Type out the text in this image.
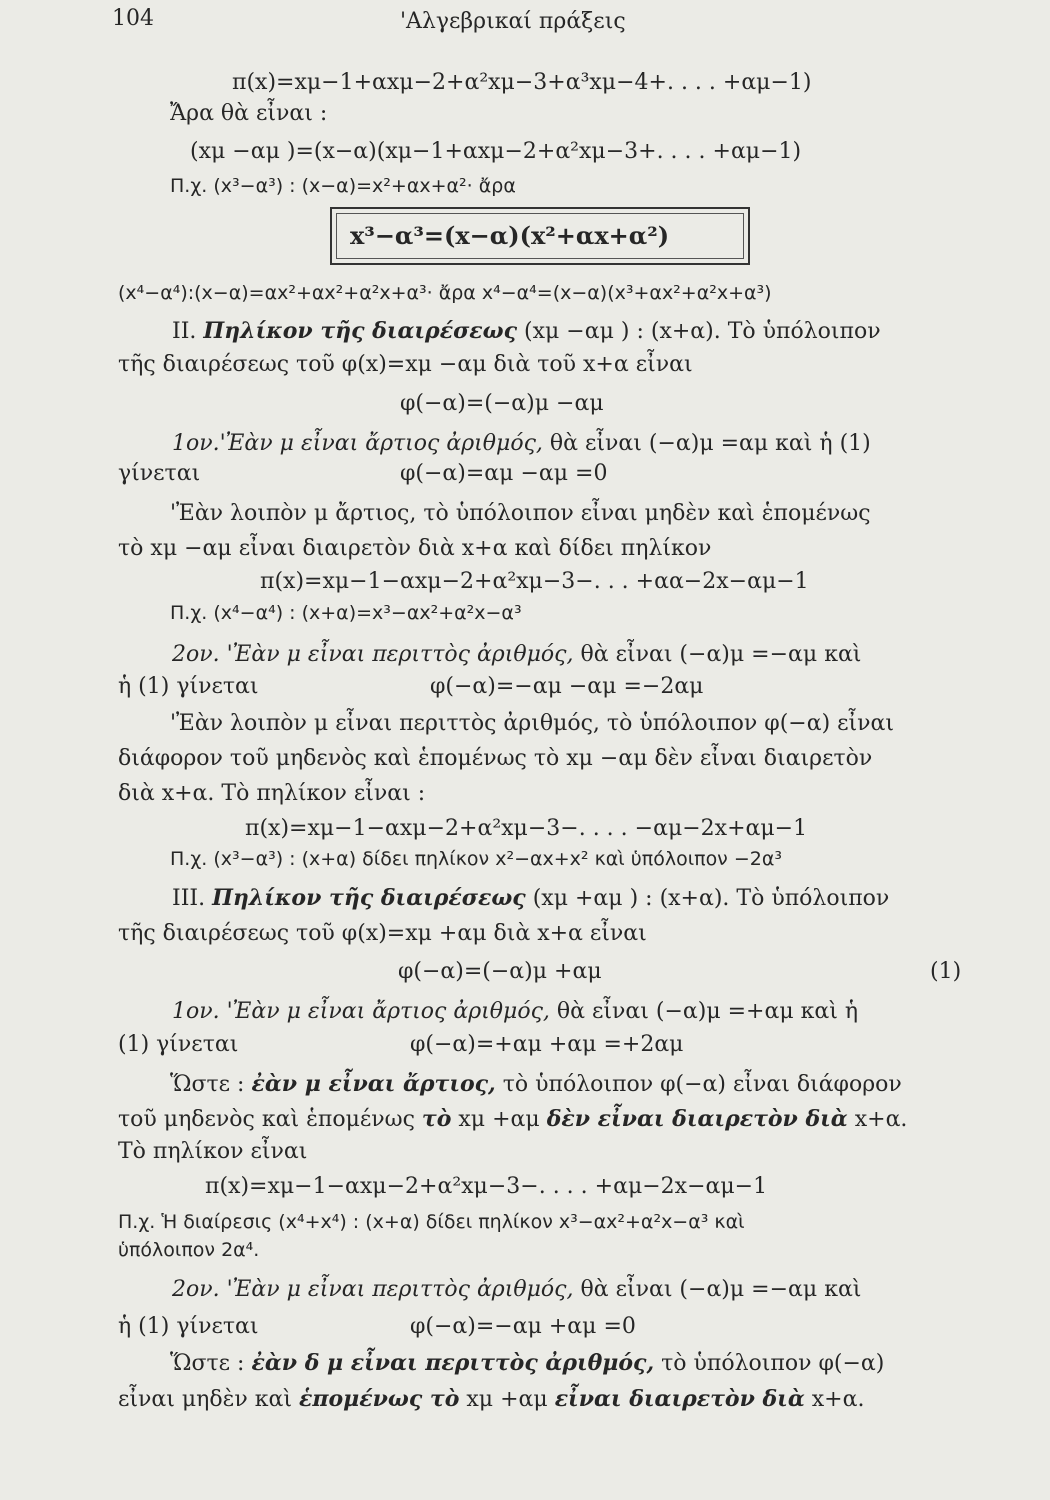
104	'Αλγεβρικαί πράξεις
π(x)=xμ−1+αxμ−2+α²xμ−3+α³xμ−4+. . . . +αμ−1)
Ἄρα θὰ εἶναι :
(xμ −αμ )=(x−α)(xμ−1+αxμ−2+α²xμ−3+. . . . +αμ−1)
Π.χ. (x³−α³) : (x−α)=x²+αx+α²· ἄρα
x³−α³=(x−α)(x²+αx+α²)
(x⁴−α⁴):(x−α)=αx²+αx²+α²x+α³· ἄρα x⁴−α⁴=(x−α)(x³+αx²+α²x+α³)
II. Πηλίκον τῆς διαιρέσεως (xμ −αμ ) : (x+α). Τὸ ὑπόλοιπον
τῆς διαιρέσεως τοῦ φ(x)=xμ −αμ διὰ τοῦ x+α εἶναι
φ(−α)=(−α)μ −αμ
1ον.'Ἐὰν μ εἶναι ἄρτιος ἀριθμός, θὰ εἶναι (−α)μ =αμ καὶ ἡ (1)
γίνεται	φ(−α)=αμ −αμ =0
'Ἐὰν λοιπὸν μ ἄρτιος, τὸ ὑπόλοιπον εἶναι μηδὲν καὶ ἑπομένως
τὸ xμ −αμ εἶναι διαιρετὸν διὰ x+α καὶ δίδει πηλίκον
π(x)=xμ−1−αxμ−2+α²xμ−3−. . . +αα−2x−αμ−1
Π.χ. (x⁴−α⁴) : (x+α)=x³−αx²+α²x−α³
2ον. 'Ἐὰν μ εἶναι περιττὸς ἀριθμός, θὰ εἶναι (−α)μ =−αμ καὶ
ἡ (1) γίνεται	φ(−α)=−αμ −αμ =−2αμ
'Ἐὰν λοιπὸν μ εἶναι περιττὸς ἀριθμός, τὸ ὑπόλοιπον φ(−α) εἶναι
διάφορον τοῦ μηδενὸς καὶ ἑπομένως τὸ xμ −αμ δὲν εἶναι διαιρετὸν
διὰ x+α. Τὸ πηλίκον εἶναι :
π(x)=xμ−1−αxμ−2+α²xμ−3−. . . . −αμ−2x+αμ−1
Π.χ. (x³−α³) : (x+α) δίδει πηλίκον x²−αx+x² καὶ ὑπόλοιπον −2α³
III. Πηλίκον τῆς διαιρέσεως (xμ +αμ ) : (x+α). Τὸ ὑπόλοιπον
τῆς διαιρέσεως τοῦ φ(x)=xμ +αμ διὰ x+α εἶναι
φ(−α)=(−α)μ +αμ	(1)
1ον. 'Ἐὰν μ εἶναι ἄρτιος ἀριθμός, θὰ εἶναι (−α)μ =+αμ καὶ ἡ
(1) γίνεται	φ(−α)=+αμ +αμ =+2αμ
Ὥστε : ἐὰν μ εἶναι ἄρτιος, τὸ ὑπόλοιπον φ(−α) εἶναι διάφορον
τοῦ μηδενὸς καὶ ἑπομένως τὸ xμ +αμ δὲν εἶναι διαιρετὸν διὰ x+α.
Τὸ πηλίκον εἶναι
π(x)=xμ−1−αxμ−2+α²xμ−3−. . . . +αμ−2x−αμ−1
Π.χ. Ἡ διαίρεσις (x⁴+x⁴) : (x+α) δίδει πηλίκον x³−αx²+α²x−α³ καὶ
ὑπόλοιπον 2α⁴.
2ον. 'Ἐὰν μ εἶναι περιττὸς ἀριθμός, θὰ εἶναι (−α)μ =−αμ καὶ
ἡ (1) γίνεται	φ(−α)=−αμ +αμ =0
Ὥστε : ἐὰν δ μ εἶναι περιττὸς ἀριθμός, τὸ ὑπόλοιπον φ(−α)
εἶναι μηδὲν καὶ ἑπομένως τὸ xμ +αμ εἶναι διαιρετὸν διὰ x+α.
